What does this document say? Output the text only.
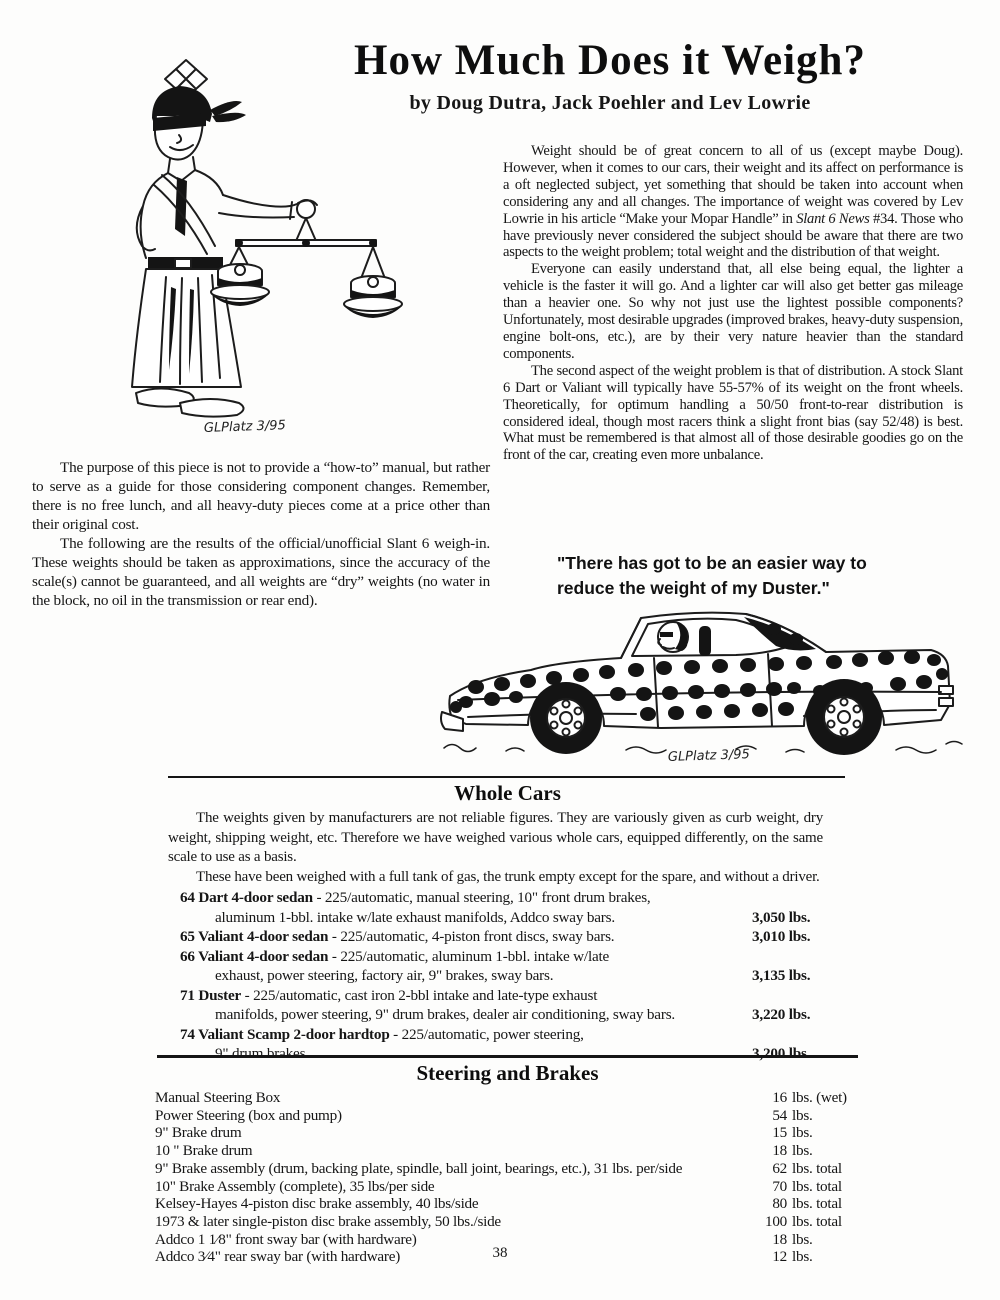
How Much Does it Weigh?
by Doug Dutra, Jack Poehler and Lev Lowrie
GLPlatz 3/95

Weight should be of great concern to all of us (except maybe Doug). However, when it comes to our cars, their weight and its affect on performance is a oft neglected subject, yet something that should be taken into account when considering any and all changes. The importance of weight was covered by Lev Lowrie in his article “Make your Mopar Handle” in Slant 6 News #34. Those who have previously never considered the subject should be aware that there are two aspects to the weight problem; total weight and the distribution of that weight.

Everyone can easily understand that, all else being equal, the lighter a vehicle is the faster it will go. And a lighter car will also get better gas mileage than a heavier one. So why not just use the lightest possible components? Unfortunately, most desirable upgrades (improved brakes, heavy-duty suspension, engine bolt-ons, etc.), are by their very nature heavier than the standard components.

The second aspect of the weight problem is that of distribution. A stock Slant 6 Dart or Valiant will typically have 55-57% of its weight on the front wheels. Theoretically, for optimum handling a 50/50 front-to-rear distribution is considered ideal, though most racers think a slight front bias (say 52/48) is best. What must be remembered is that almost all of those desirable goodies go on the front of the car, creating even more unbalance.

The purpose of this piece is not to provide a “how-to” manual, but rather to serve as a guide for those considering component changes. Remember, there is no free lunch, and all heavy-duty pieces come at a price other than their original cost.

The following are the results of the official/unofficial Slant 6 weigh-in. These weights should be taken as approximations, since the accuracy of the scale(s) cannot be guaranteed, and all weights are “dry” weights (no water in the block, no oil in the transmission or rear end).

"There has got to be an easier way to
reduce the weight of my Duster."
GLPlatz 3/95
Whole Cars

The weights given by manufacturers are not reliable figures. They are variously given as curb weight, dry weight, shipping weight, etc. Therefore we have weighed various whole cars, equipped differently, on the same scale to use as a basis.

These have been weighed with a full tank of gas, the trunk empty except for the spare, and without a driver.

64 Dart 4-door sedan - 225/automatic, manual steering, 10" front drum brakes,
aluminum 1-bbl. intake w/late exhaust manifolds, Addco sway bars.	3,050 lbs.
65 Valiant 4-door sedan - 225/automatic, 4-piston front discs, sway bars.	3,010 lbs.
66 Valiant 4-door sedan - 225/automatic, aluminum 1-bbl. intake w/late
exhaust, power steering, factory air, 9" brakes, sway bars.	3,135 lbs.
71 Duster - 225/automatic, cast iron 2-bbl intake and late-type exhaust
manifolds, power steering, 9" drum brakes, dealer air conditioning, sway bars.	3,220 lbs.
74 Valiant Scamp 2-door hardtop - 225/automatic, power steering,
9" drum brakes.	3,200 lbs.
Steering and Brakes
Manual Steering Box	16 lbs. (wet)
Power Steering (box and pump)	54 lbs.
9" Brake drum	15 lbs.
10 " Brake drum	18 lbs.
9" Brake assembly (drum, backing plate, spindle, ball joint, bearings, etc.), 31 lbs. per/side	62 lbs. total
10" Brake Assembly (complete), 35 lbs/per side	70 lbs. total
Kelsey-Hayes 4-piston disc brake assembly, 40 lbs/side	80 lbs. total
1973 & later single-piston disc brake assembly, 50 lbs./side	100 lbs. total
Addco 1 1⁄8" front sway bar (with hardware)	18 lbs.
Addco 3⁄4" rear sway bar (with hardware)	12 lbs.
38
